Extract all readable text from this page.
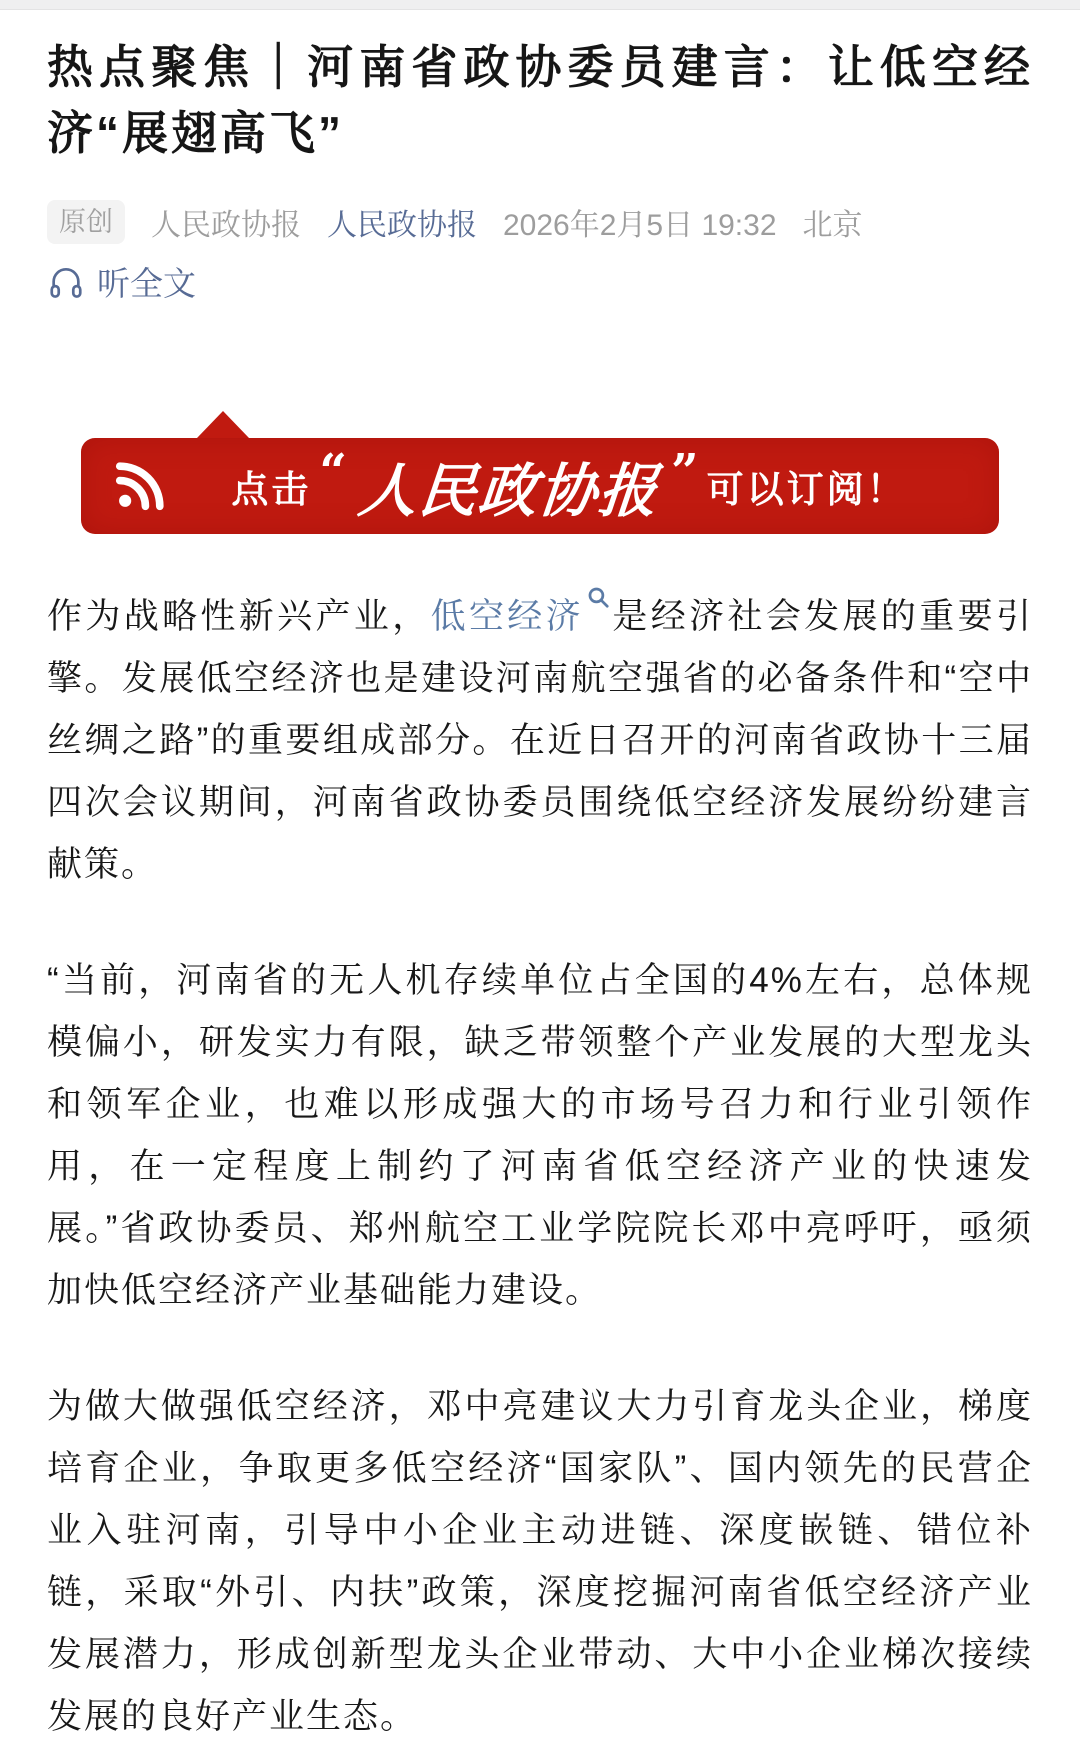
热点聚焦｜河南省政协委员建言：让低空经济“展翅高飞”
原创	人民政协报 人民政协报 2026年2月5日 19:32 北京
听全文
点击 “ 人民政协报 ” 可以订阅！

作为战略性新兴产业，低空经济 是经济社会发展的重要引擎。发展低空经济也是建设河南航空强省的必备条件和“空中丝绸之路”的重要组成部分。在近日召开的河南省政协十三届四次会议期间，河南省政协委员围绕低空经济发展纷纷建言献策。

“当前，河南省的无人机存续单位占全国的4%左右，总体规模偏小，研发实力有限，缺乏带领整个产业发展的大型龙头和领军企业，也难以形成强大的市场号召力和行业引领作用，在一定程度上制约了河南省低空经济产业的快速发展。”省政协委员、郑州航空工业学院院长邓中亮呼吁，亟须加快低空经济产业基础能力建设。

为做大做强低空经济，邓中亮建议大力引育龙头企业，梯度培育企业，争取更多低空经济“国家队”、国内领先的民营企业入驻河南，引导中小企业主动进链、深度嵌链、错位补链，采取“外引、内扶”政策，深度挖掘河南省低空经济产业发展潜力，形成创新型龙头企业带动、大中小企业梯次接续发展的良好产业生态。
